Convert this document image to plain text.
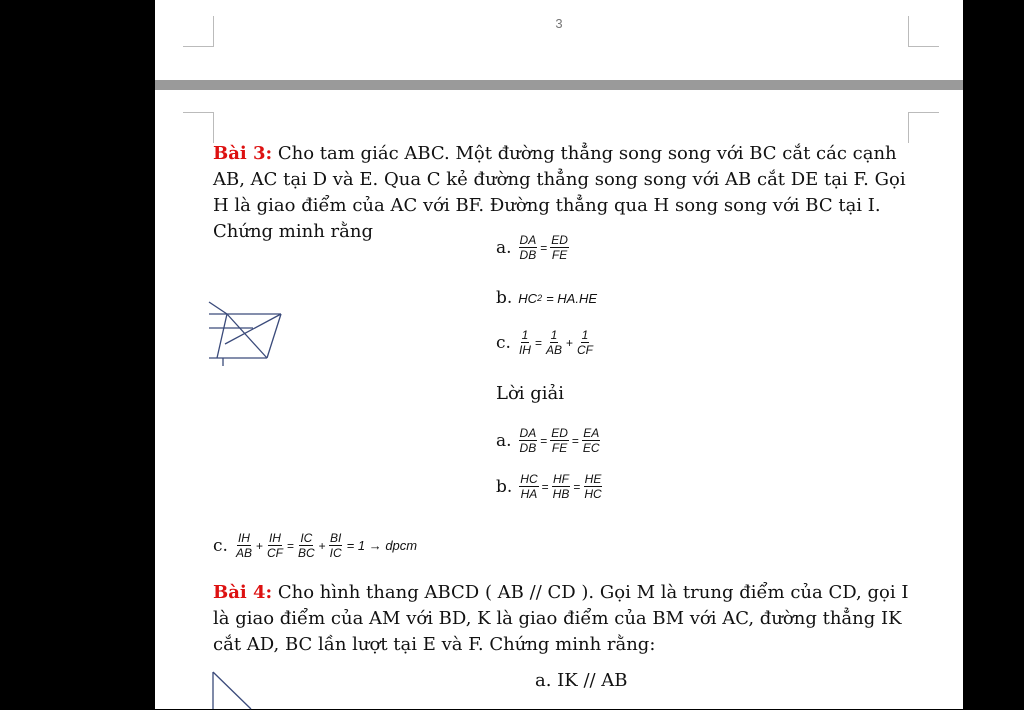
3
Bài 3: Cho tam giác ABC. Một đường thẳng song song với BC cắt các cạnh AB, AC tại D và E. Qua C kẻ đường thẳng song song với AB cắt DE tại F. Gọi H là giao điểm của AC với BF. Đường thẳng qua H song song với BC tại I. Chứng minh rằng
a. $\frac{DA}{DB} = \frac{ED}{FE}$
b. HC 2 = HA.HE
c. $\frac{1}{IH} = \frac{1}{AB} + \frac{1}{CF}$
Lời giải
a. $\frac{DA}{DB} = \frac{ED}{FE} = \frac{EA}{EC}$
b. $\frac{HC}{HA} = \frac{HF}{HB} = \frac{HE}{HC}$
c. $\frac{IH}{AB} + \frac{IH}{CF} = \frac{IC}{BC} + \frac{BI}{IC} = 1$ → dpcm
Bài 4: Cho hình thang ABCD ( AB // CD ). Gọi M là trung điểm của CD, gọi I là giao điểm của AM với BD, K là giao điểm của BM với AC, đường thẳng IK cắt AD, BC lần lượt tại E và F. Chứng minh rằng:
a. IK // AB
